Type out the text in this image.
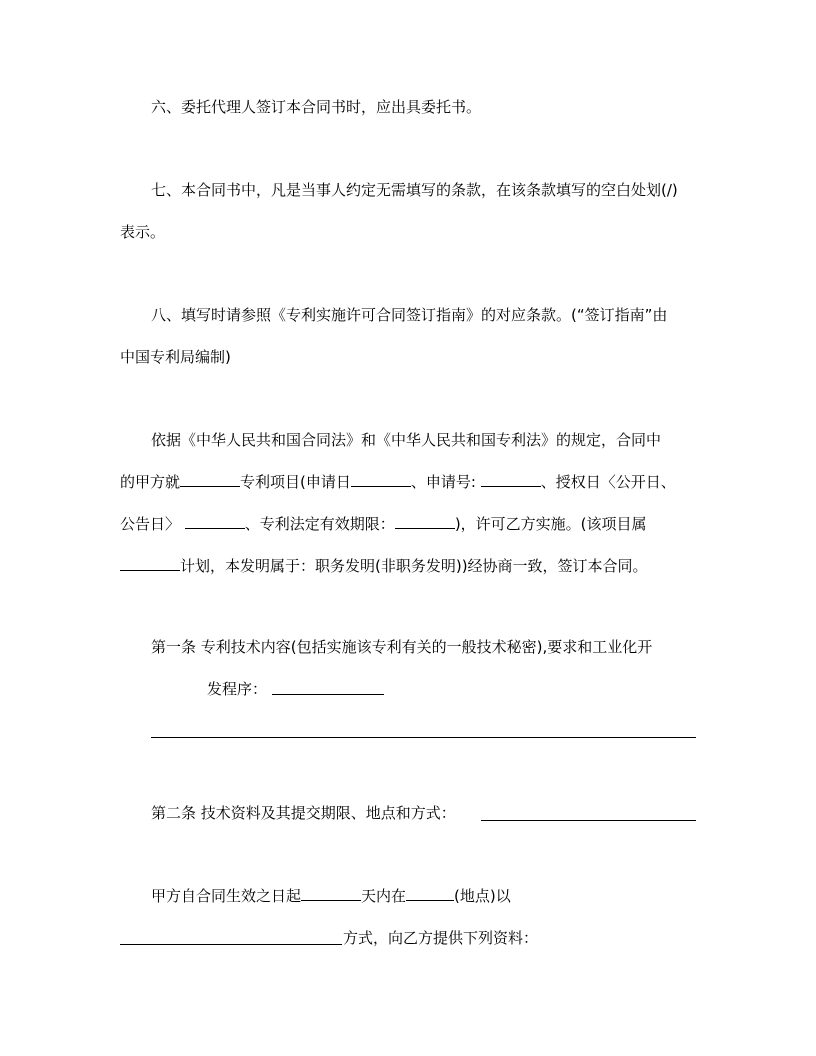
六、委托代理人签订本合同书时，应出具委托书。
七、本合同书中，凡是当事人约定无需填写的条款，在该条款填写的空白处划(/)
表示。
八、填写时请参照《专利实施许可合同签订指南》的对应条款。(“签订指南”由
中国专利局编制)
依据《中华人民共和国合同法》和《中华人民共和国专利法》的规定，合同中
的甲方就	专利项目(申请日	、申请号:	、授权日〈公开日、
公告日〉	、专利法定有效期限：	)，许可乙方实施。(该项目属
计划，本发明属于：职务发明(非职务发明))经协商一致，签订本合同。
第一条 专利技术内容(包括实施该专利有关的一般技术秘密),要求和工业化开
发程序：
第二条 技术资料及其提交期限、地点和方式：
甲方自合同生效之日起	天内在	(地点)以
方式，向乙方提供下列资料：
